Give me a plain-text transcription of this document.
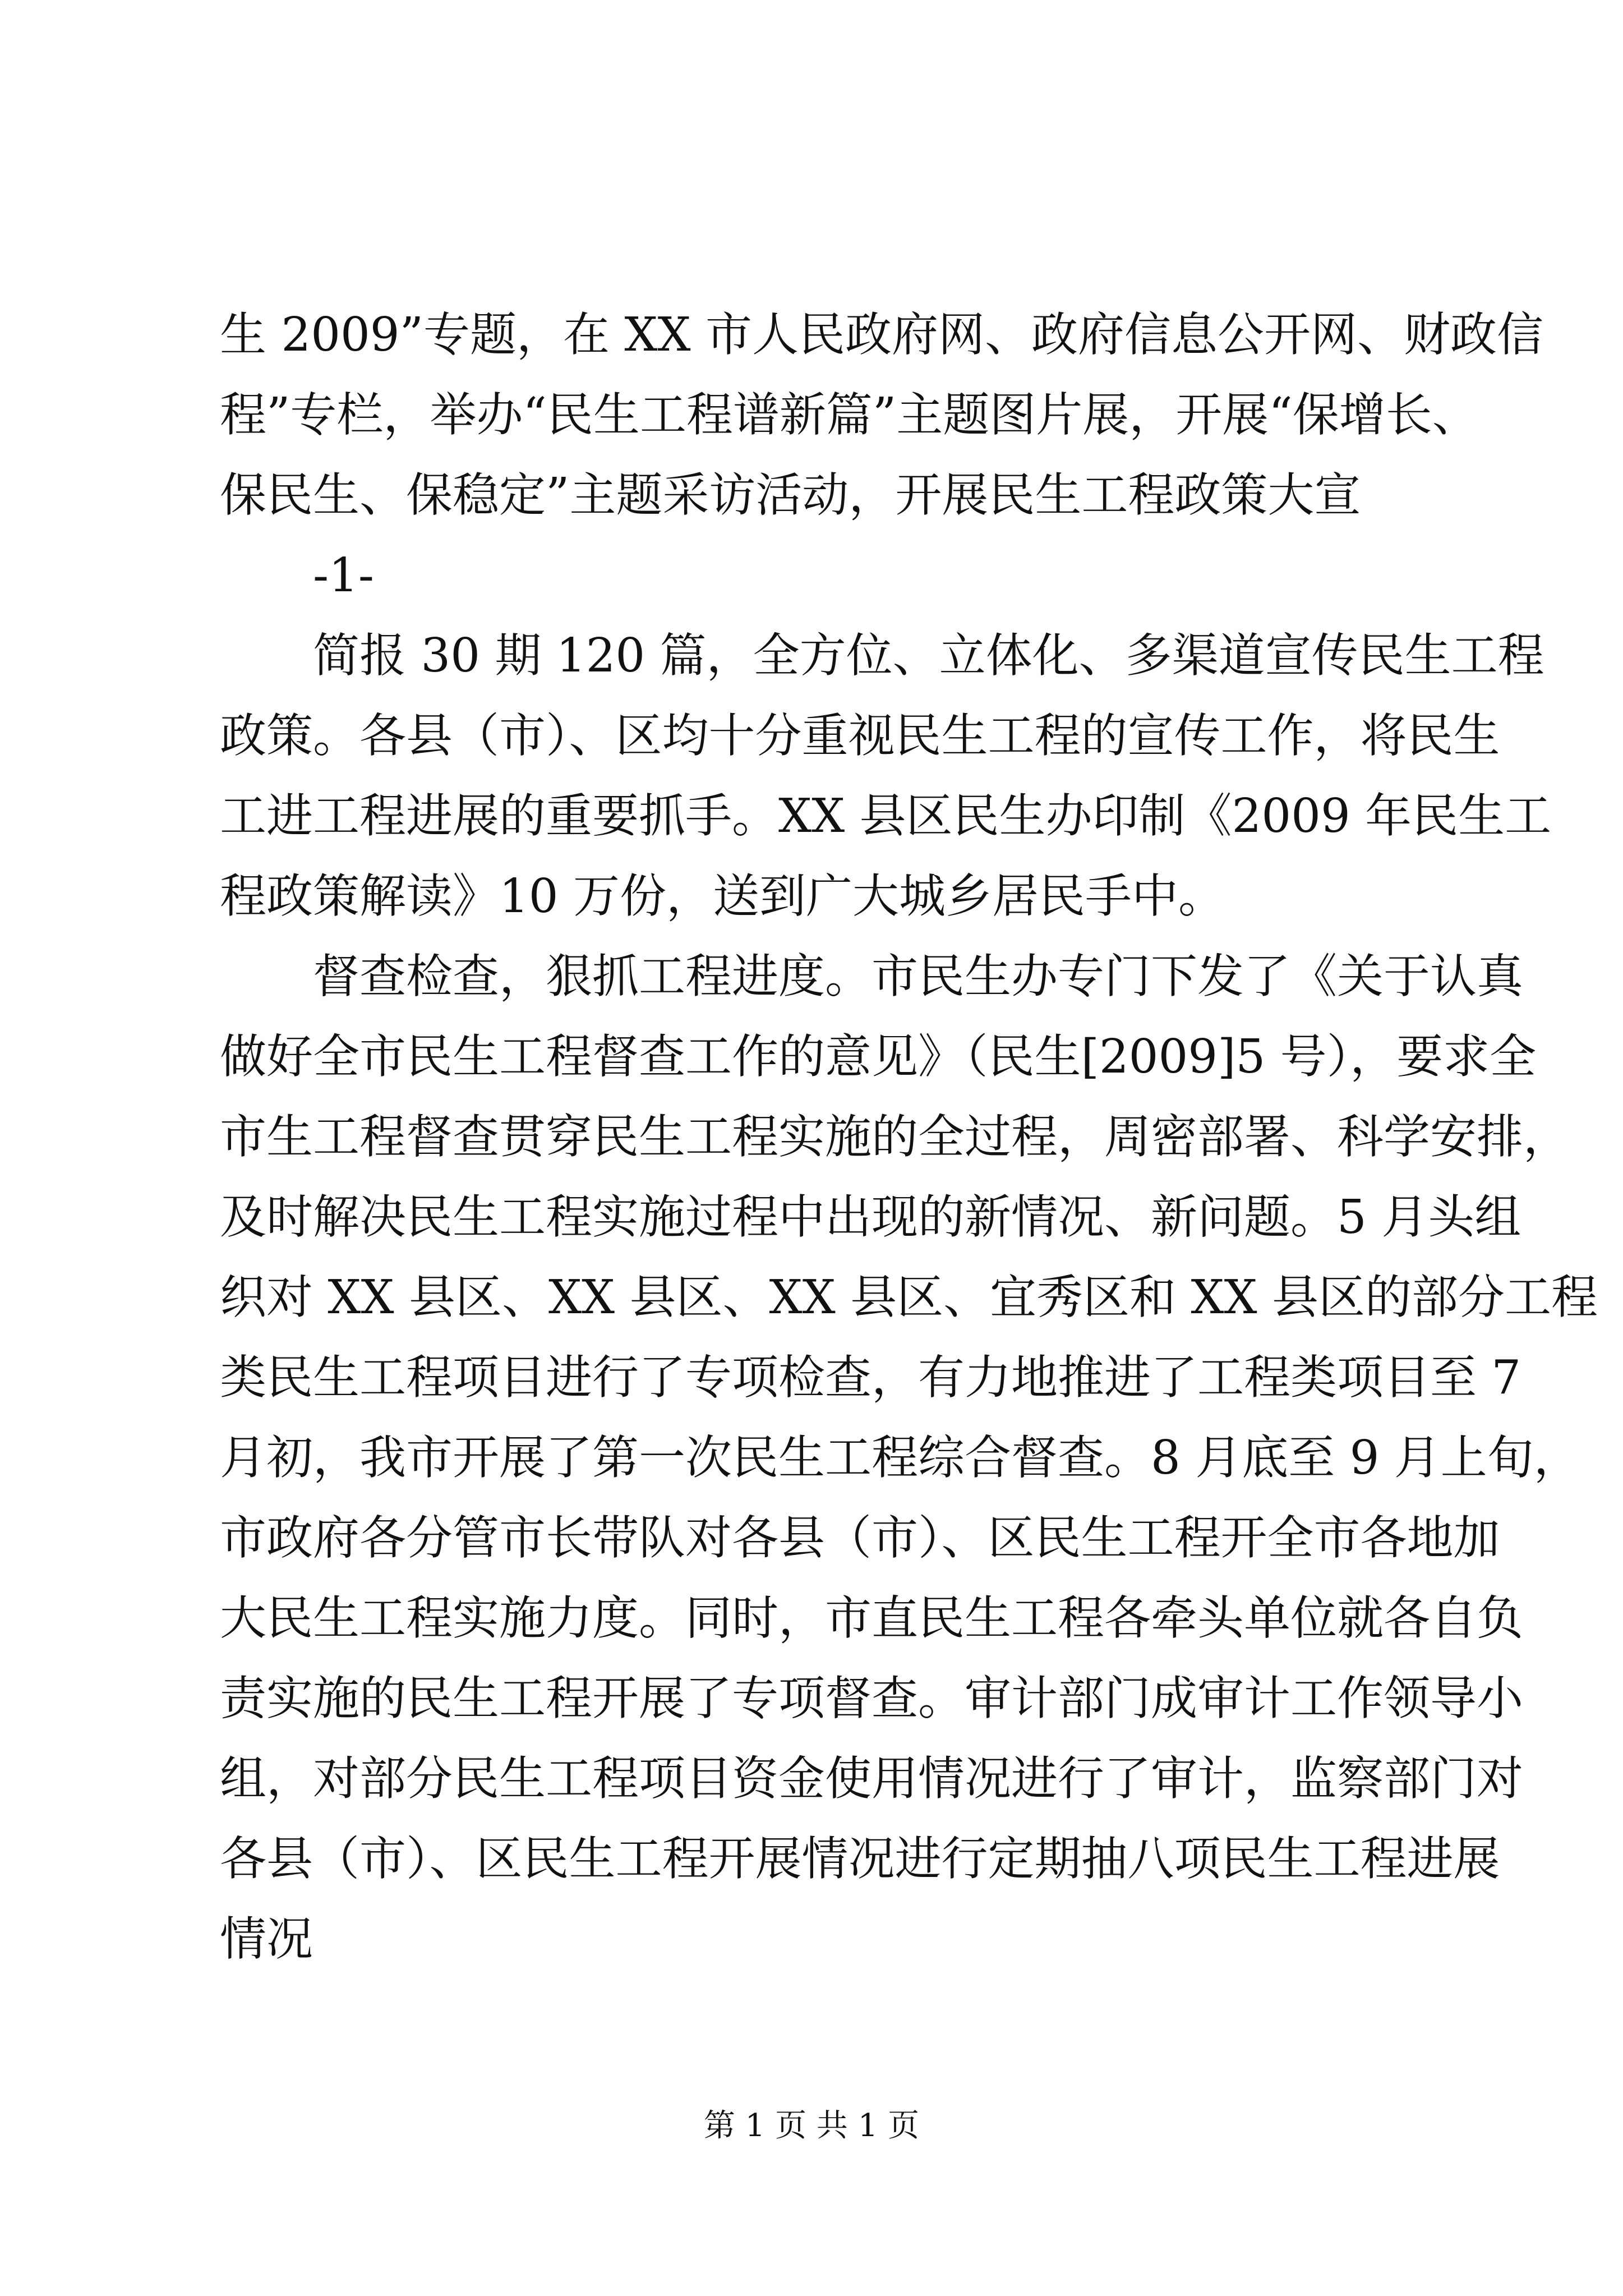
生 2009”专题，在 XX 市人民政府网、政府信息公开网、财政信
程”专栏，举办“民生工程谱新篇”主题图片展，开展“保增长、
保民生、保稳定”主题采访活动，开展民生工程政策大宣
-1-
简报 30 期 120 篇，全方位、立体化、多渠道宣传民生工程
政策。各县（市）、区均十分重视民生工程的宣传工作，将民生
工进工程进展的重要抓手。XX 县区民生办印制《2009 年民生工
程政策解读》10 万份，送到广大城乡居民手中。
督查检查，狠抓工程进度。市民生办专门下发了《关于认真
做好全市民生工程督查工作的意见》（民生[2009]5 号），要求全
市生工程督查贯穿民生工程实施的全过程，周密部署、科学安排，
及时解决民生工程实施过程中出现的新情况、新问题。5 月头组
织对 XX 县区、XX 县区、XX 县区、宜秀区和 XX 县区的部分工程
类民生工程项目进行了专项检查，有力地推进了工程类项目至 7
月初，我市开展了第一次民生工程综合督查。8 月底至 9 月上旬，
市政府各分管市长带队对各县（市）、区民生工程开全市各地加
大民生工程实施力度。同时，市直民生工程各牵头单位就各自负
责实施的民生工程开展了专项督查。审计部门成审计工作领导小
组，对部分民生工程项目资金使用情况进行了审计，监察部门对
各县（市）、区民生工程开展情况进行定期抽八项民生工程进展
情况
第 1 页 共 1 页
